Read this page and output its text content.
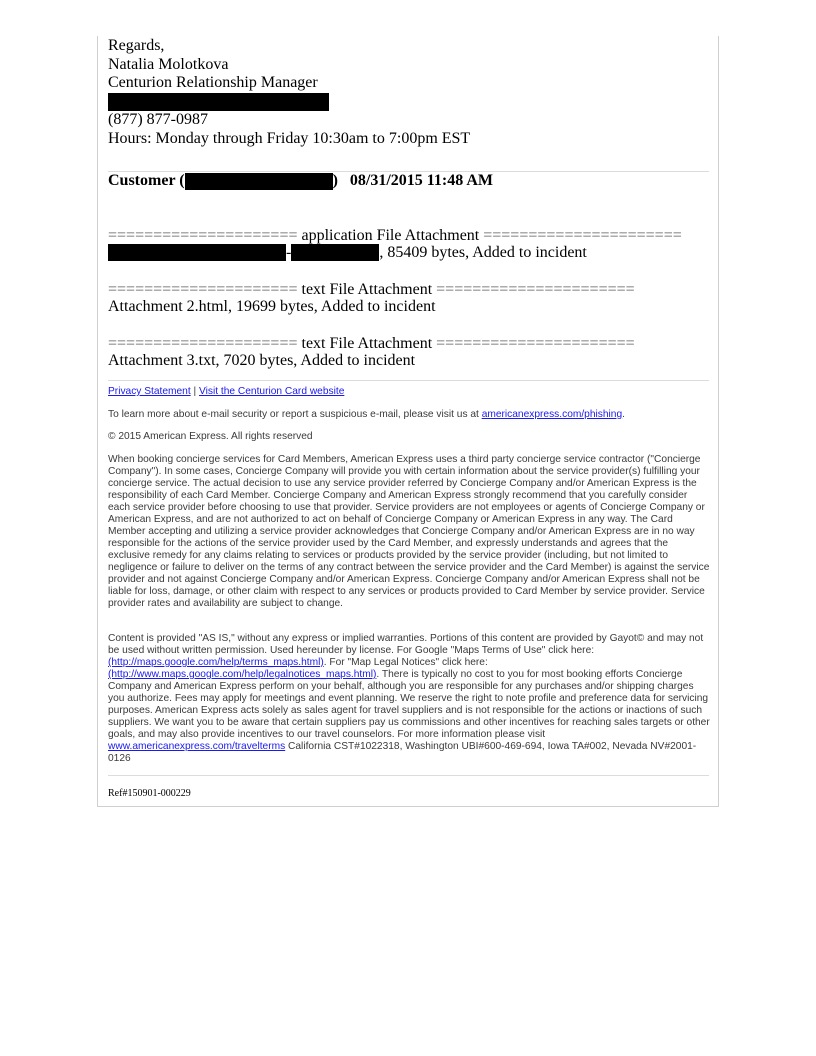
Regards,
Natalia Molotkova
Centurion Relationship Manager
(877) 877-0987
Hours: Monday through Friday 10:30am to 7:00pm EST
Customer (	) 08/31/2015 11:48 AM
===================== application File Attachment ======================
-	, 85409 bytes, Added to incident
===================== text File Attachment ======================
Attachment 2.html, 19699 bytes, Added to incident
===================== text File Attachment ======================
Attachment 3.txt, 7020 bytes, Added to incident
Privacy Statement | Visit the Centurion Card website
To learn more about e-mail security or report a suspicious e-mail, please visit us at americanexpress.com/phishing.
© 2015 American Express. All rights reserved
When booking concierge services for Card Members, American Express uses a third party concierge service contractor ("Concierge Company"). In some cases, Concierge Company will provide you with certain information about the service provider(s) fulfilling your concierge service. The actual decision to use any service provider referred by Concierge Company and/or American Express is the responsibility of each Card Member. Concierge Company and American Express strongly recommend that you carefully consider each service provider before choosing to use that provider. Service providers are not employees or agents of Concierge Company or American Express, and are not authorized to act on behalf of Concierge Company or American Express in any way. The Card Member accepting and utilizing a service provider acknowledges that Concierge Company and/or American Express are in no way responsible for the actions of the service provider used by the Card Member, and expressly understands and agrees that the exclusive remedy for any claims relating to services or products provided by the service provider (including, but not limited to negligence or failure to deliver on the terms of any contract between the service provider and the Card Member) is against the service provider and not against Concierge Company and/or American Express. Concierge Company and/or American Express shall not be liable for loss, damage, or other claim with respect to any services or products provided to Card Member by service provider. Service provider rates and availability are subject to change.
Content is provided "AS IS," without any express or implied warranties. Portions of this content are provided by Gayot© and may not be used without written permission. Used hereunder by license. For Google "Maps Terms of Use" click here: (http://maps.google.com/help/terms_maps.html). For "Map Legal Notices" click here: (http://www.maps.google.com/help/legalnotices_maps.html). There is typically no cost to you for most booking efforts Concierge Company and American Express perform on your behalf, although you are responsible for any purchases and/or shipping charges you authorize. Fees may apply for meetings and event planning. We reserve the right to note profile and preference data for servicing purposes. American Express acts solely as sales agent for travel suppliers and is not responsible for the actions or inactions of such suppliers. We want you to be aware that certain suppliers pay us commissions and other incentives for reaching sales targets or other goals, and may also provide incentives to our travel counselors. For more information please visit www.americanexpress.com/travelterms California CST#1022318, Washington UBI#600-469-694, Iowa TA#002, Nevada NV#2001-0126
Ref#150901-000229
